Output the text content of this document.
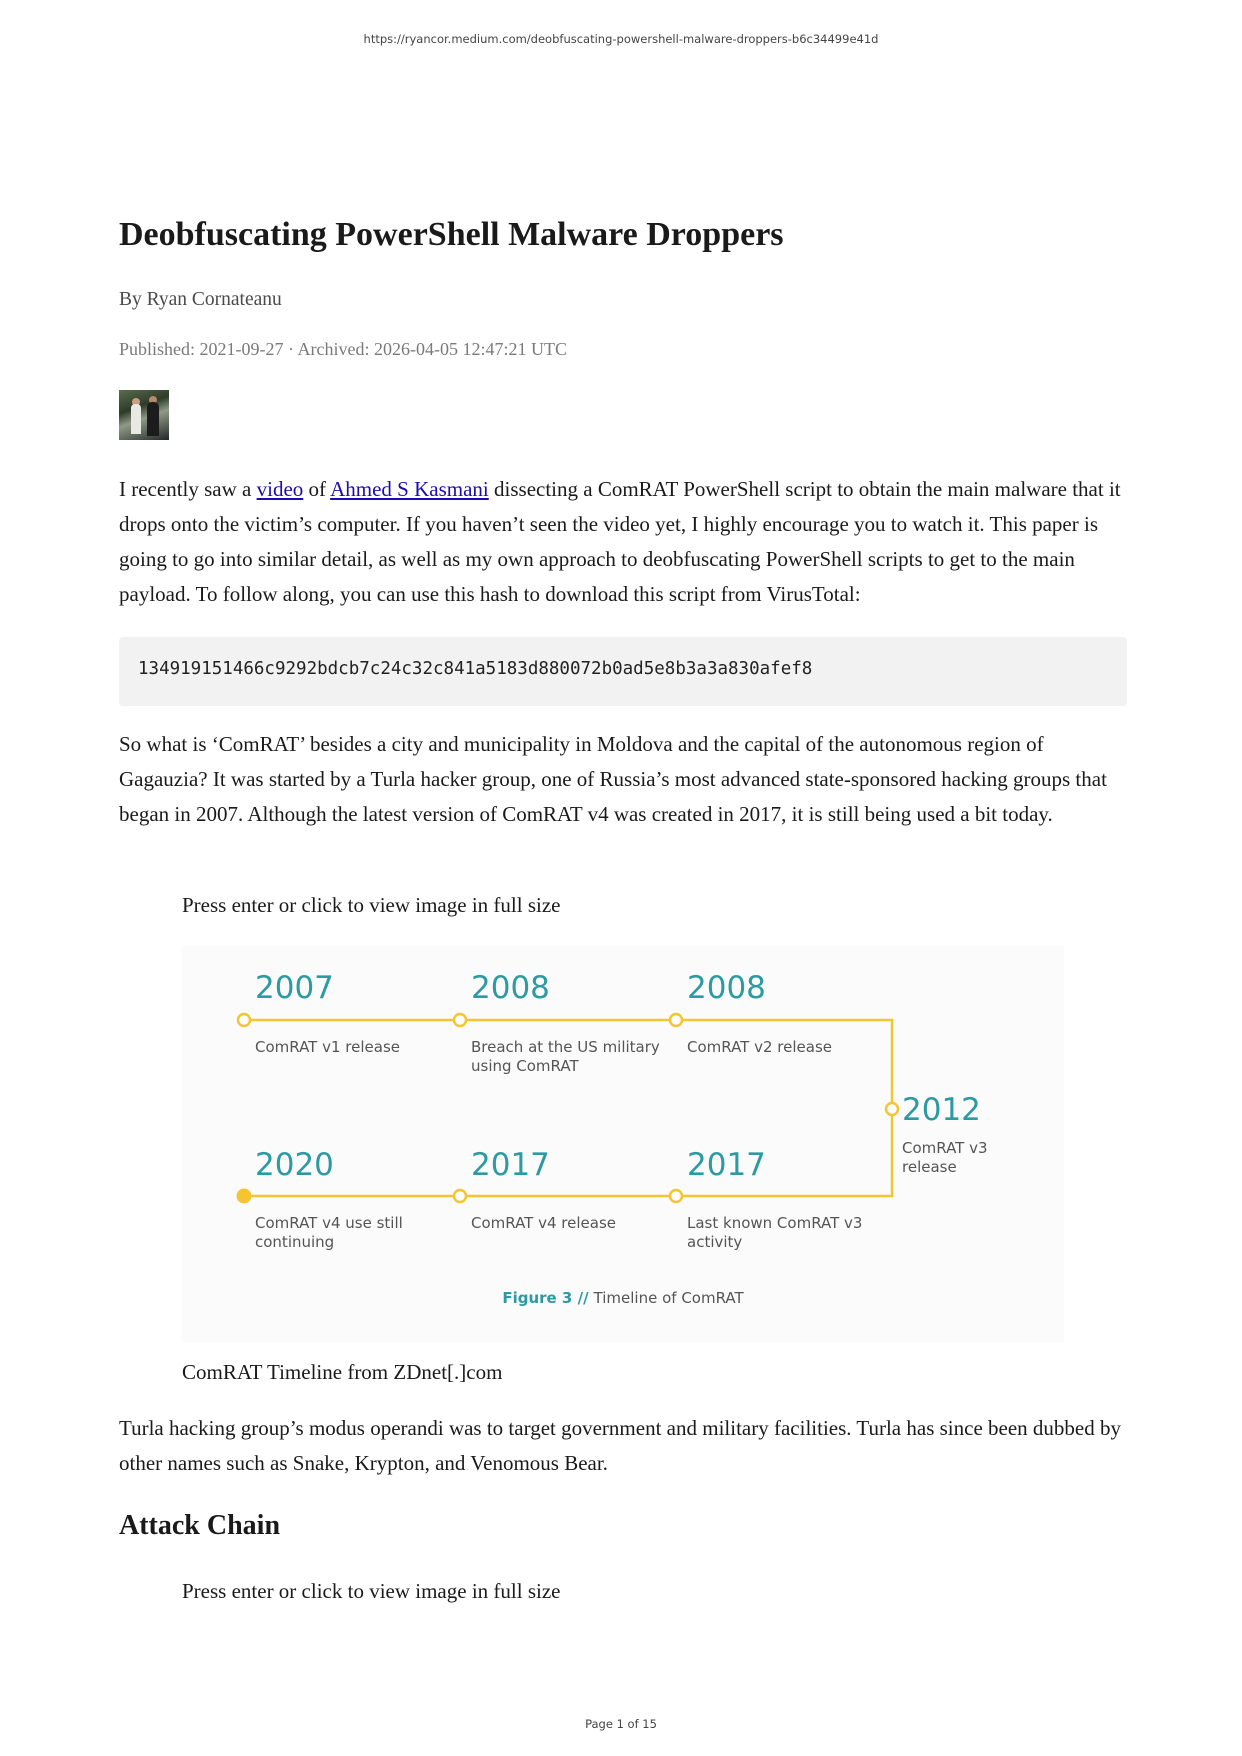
https://ryancor.medium.com/deobfuscating-powershell-malware-droppers-b6c34499e41d
Deobfuscating PowerShell Malware Droppers

By Ryan Cornateanu

Published: 2021-09-27 · Archived: 2026-04-05 12:47:21 UTC

I recently saw a video of Ahmed S Kasmani dissecting a ComRAT PowerShell script to obtain the main malware that it drops onto the victim’s computer. If you haven’t seen the video yet, I highly encourage you to watch it. This paper is going to go into similar detail, as well as my own approach to deobfuscating PowerShell scripts to get to the main payload. To follow along, you can use this hash to download this script from VirusTotal:

134919151466c9292bdcb7c24c32c841a5183d880072b0ad5e8b3a3a830afef8

So what is ‘ComRAT’ besides a city and municipality in Moldova and the capital of the autonomous region of Gagauzia? It was started by a Turla hacker group, one of Russia’s most advanced state-sponsored hacking groups that began in 2007. Although the latest version of ComRAT v4 was created in 2017, it is still being used a bit today.

Press enter or click to view image in full size

2007
ComRAT v1 release
2008
Breach at the US military
using ComRAT
2008
ComRAT v2 release
2012
ComRAT v3
release
2017
Last known ComRAT v3
activity
2017
ComRAT v4 release
2020
ComRAT v4 use still
continuing
Figure 3 // Timeline of ComRAT

ComRAT Timeline from ZDnet[.]com

Turla hacking group’s modus operandi was to target government and military facilities. Turla has since been dubbed by other names such as Snake, Krypton, and Venomous Bear.

Attack Chain

Press enter or click to view image in full size

Page 1 of 15
